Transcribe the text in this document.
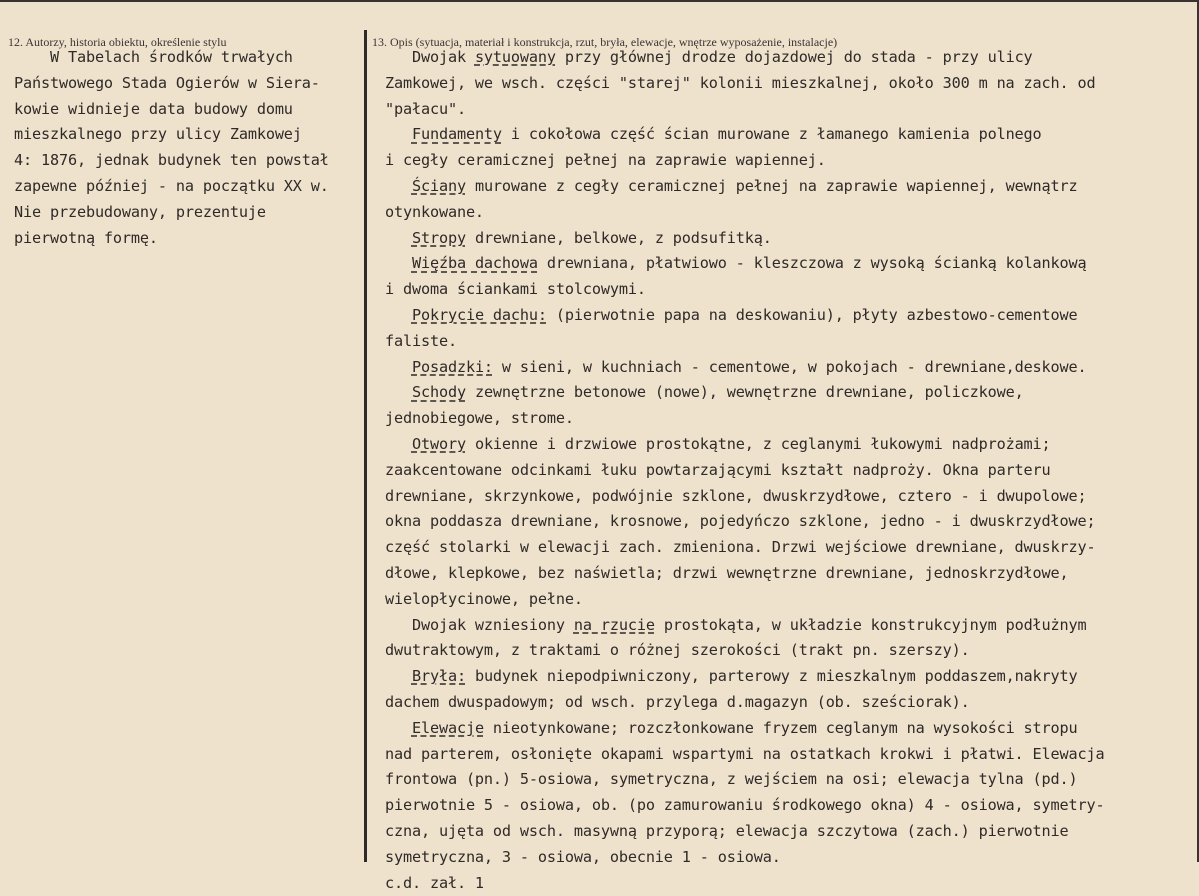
12. Autorzy, historia obiektu, określenie stylu	13. Opis (sytuacja, materiał i konstrukcja, rzut, bryła, elewacje, wnętrze wyposażenie, instalacje)
W Tabelach środków trwałych
Państwowego Stada Ogierów w Siera-
kowie widnieje data budowy domu
mieszkalnego przy ulicy Zamkowej
4: 1876, jednak budynek ten powstał
zapewne później - na początku XX w.
Nie przebudowany, prezentuje
pierwotną formę.
Dwojak sytuowany przy głównej drodze dojazdowej do stada - przy ulicy
Zamkowej, we wsch. części "starej" kolonii mieszkalnej, około 300 m na zach. od
"pałacu".
Fundamenty i cokołowa część ścian murowane z łamanego kamienia polnego
i cegły ceramicznej pełnej na zaprawie wapiennej.
Ściany murowane z cegły ceramicznej pełnej na zaprawie wapiennej, wewnątrz
otynkowane.
Stropy drewniane, belkowe, z podsufitką.
Więźba dachowa drewniana, płatwiowo - kleszczowa z wysoką ścianką kolankową
i dwoma ściankami stolcowymi.
Pokrycie dachu: (pierwotnie papa na deskowaniu), płyty azbestowo-cementowe
faliste.
Posadzki: w sieni, w kuchniach - cementowe, w pokojach - drewniane,deskowe.
Schody zewnętrzne betonowe (nowe), wewnętrzne drewniane, policzkowe,
jednobiegowe, strome.
Otwory okienne i drzwiowe prostokątne, z ceglanymi łukowymi nadprożami;
zaakcentowane odcinkami łuku powtarzającymi kształt nadproży. Okna parteru
drewniane, skrzynkowe, podwójnie szklone, dwuskrzydłowe, cztero - i dwupolowe;
okna poddasza drewniane, krosnowe, pojedyńczo szklone, jedno - i dwuskrzydłowe;
część stolarki w elewacji zach. zmieniona. Drzwi wejściowe drewniane, dwuskrzy-
dłowe, klepkowe, bez naświetla; drzwi wewnętrzne drewniane, jednoskrzydłowe,
wielopłycinowe, pełne.
Dwojak wzniesiony na rzucie prostokąta, w układzie konstrukcyjnym podłużnym
dwutraktowym, z traktami o różnej szerokości (trakt pn. szerszy).
Bryła: budynek niepodpiwniczony, parterowy z mieszkalnym poddaszem,nakryty
dachem dwuspadowym; od wsch. przylega d.magazyn (ob. sześciorak).
Elewacje nieotynkowane; rozczłonkowane fryzem ceglanym na wysokości stropu
nad parterem, osłonięte okapami wspartymi na ostatkach krokwi i płatwi. Elewacja
frontowa (pn.) 5-osiowa, symetryczna, z wejściem na osi; elewacja tylna (pd.)
pierwotnie 5 - osiowa, ob. (po zamurowaniu środkowego okna) 4 - osiowa, symetry-
czna, ujęta od wsch. masywną przyporą; elewacja szczytowa (zach.) pierwotnie
symetryczna, 3 - osiowa, obecnie 1 - osiowa.
c.d. zał. 1
